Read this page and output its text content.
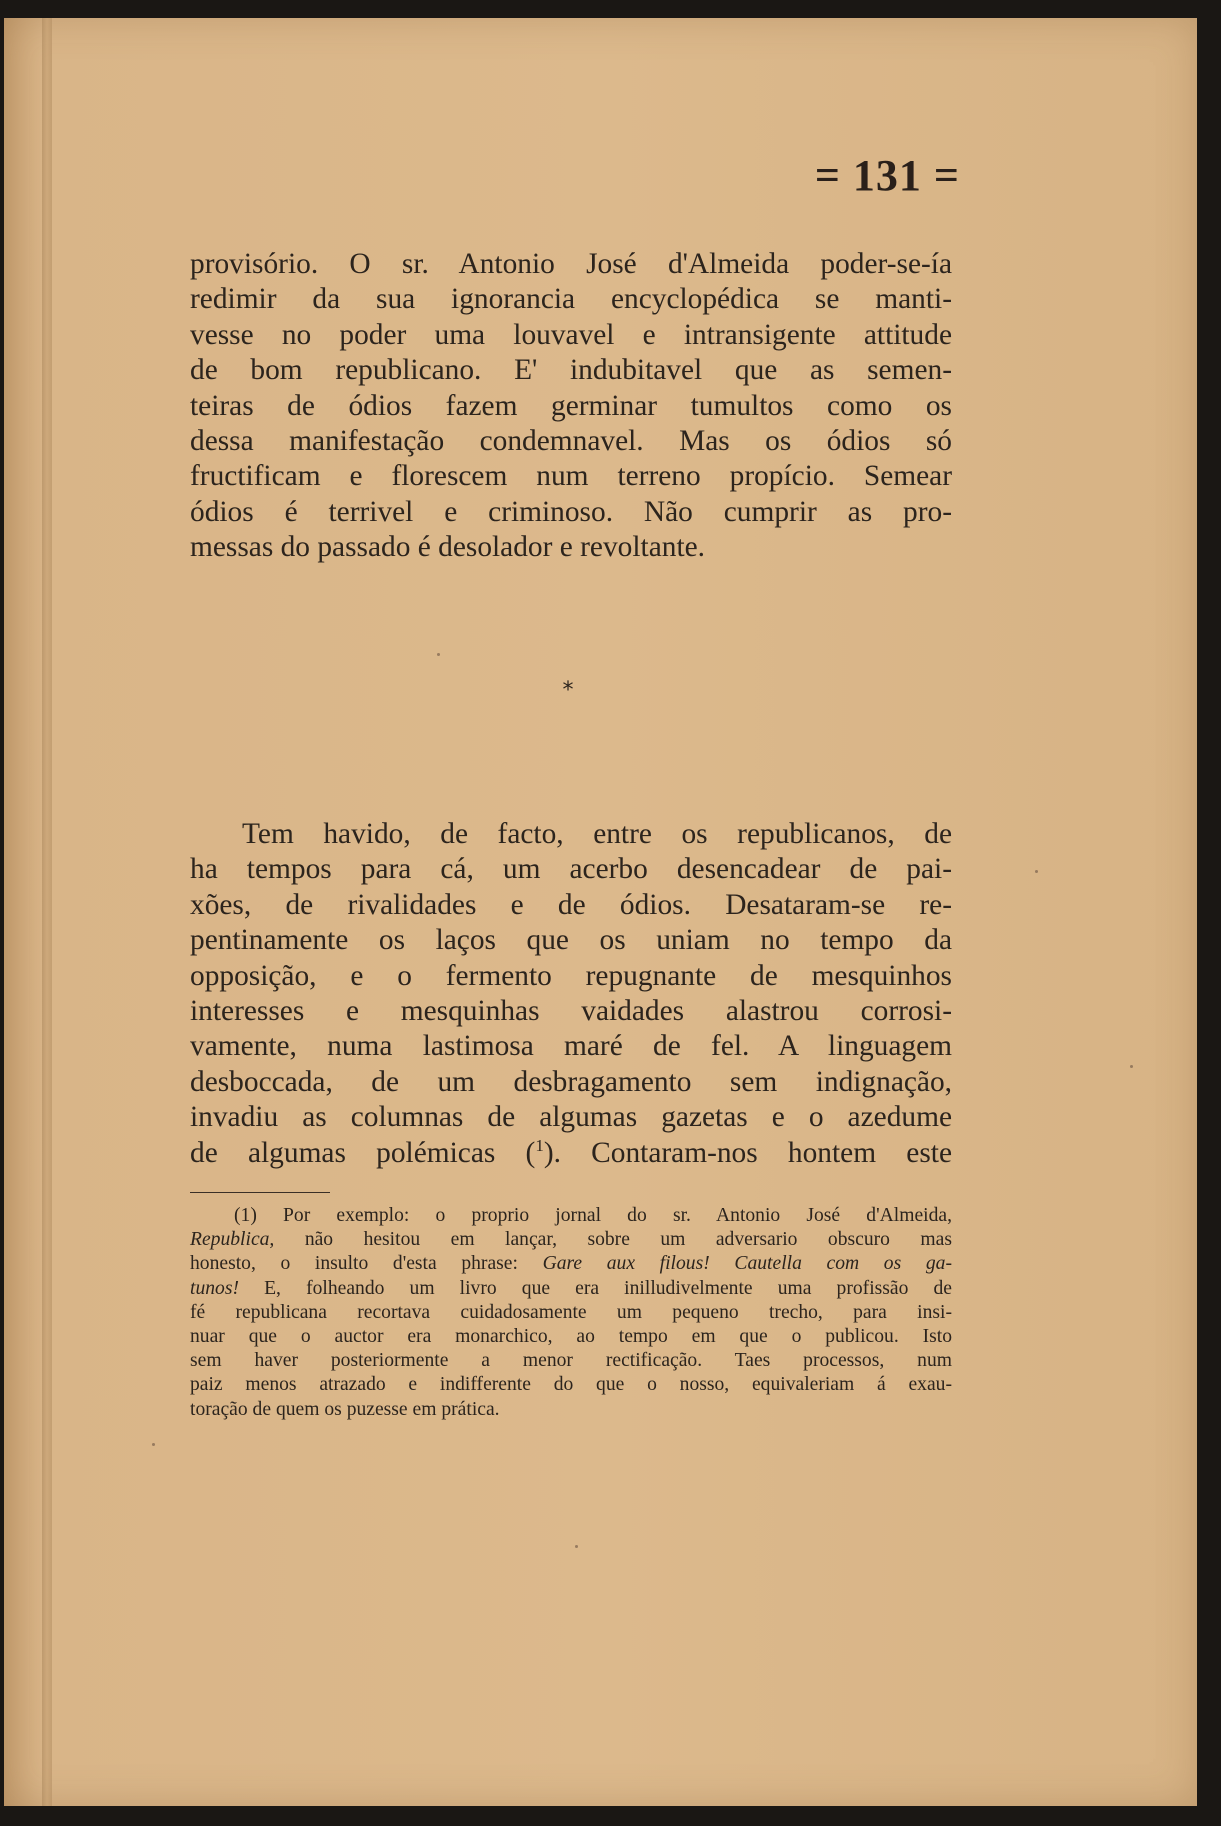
= 131 =
provisório. O sr. Antonio José d'Almeida poder-se-ía
redimir da sua ignorancia encyclopédica se manti-
vesse no poder uma louvavel e intransigente attitude
de bom republicano. E' indubitavel que as semen-
teiras de ódios fazem germinar tumultos como os
dessa manifestação condemnavel. Mas os ódios só
fructificam e florescem num terreno propício. Semear
ódios é terrivel e criminoso. Não cumprir as pro-
messas do passado é desolador e revoltante.
*
Tem havido, de facto, entre os republicanos, de
ha tempos para cá, um acerbo desencadear de pai-
xões, de rivalidades e de ódios. Desataram-se re-
pentinamente os laços que os uniam no tempo da
opposição, e o fermento repugnante de mesquinhos
interesses e mesquinhas vaidades alastrou corrosi-
vamente, numa lastimosa maré de fel. A linguagem
desboccada, de um desbragamento sem indignação,
invadiu as columnas de algumas gazetas e o azedume
de algumas polémicas ($^1$). Contaram-nos hontem este
(1) Por exemplo: o proprio jornal do sr. Antonio José d'Almeida,
Republica, não hesitou em lançar, sobre um adversario obscuro mas
honesto, o insulto d'esta phrase: Gare aux filous! Cautella com os ga-
tunos! E, folheando um livro que era inilludivelmente uma profissão de
fé republicana recortava cuidadosamente um pequeno trecho, para insi-
nuar que o auctor era monarchico, ao tempo em que o publicou. Isto
sem haver posteriormente a menor rectificação. Taes processos, num
paiz menos atrazado e indifferente do que o nosso, equivaleriam á exau-
toração de quem os puzesse em prática.
